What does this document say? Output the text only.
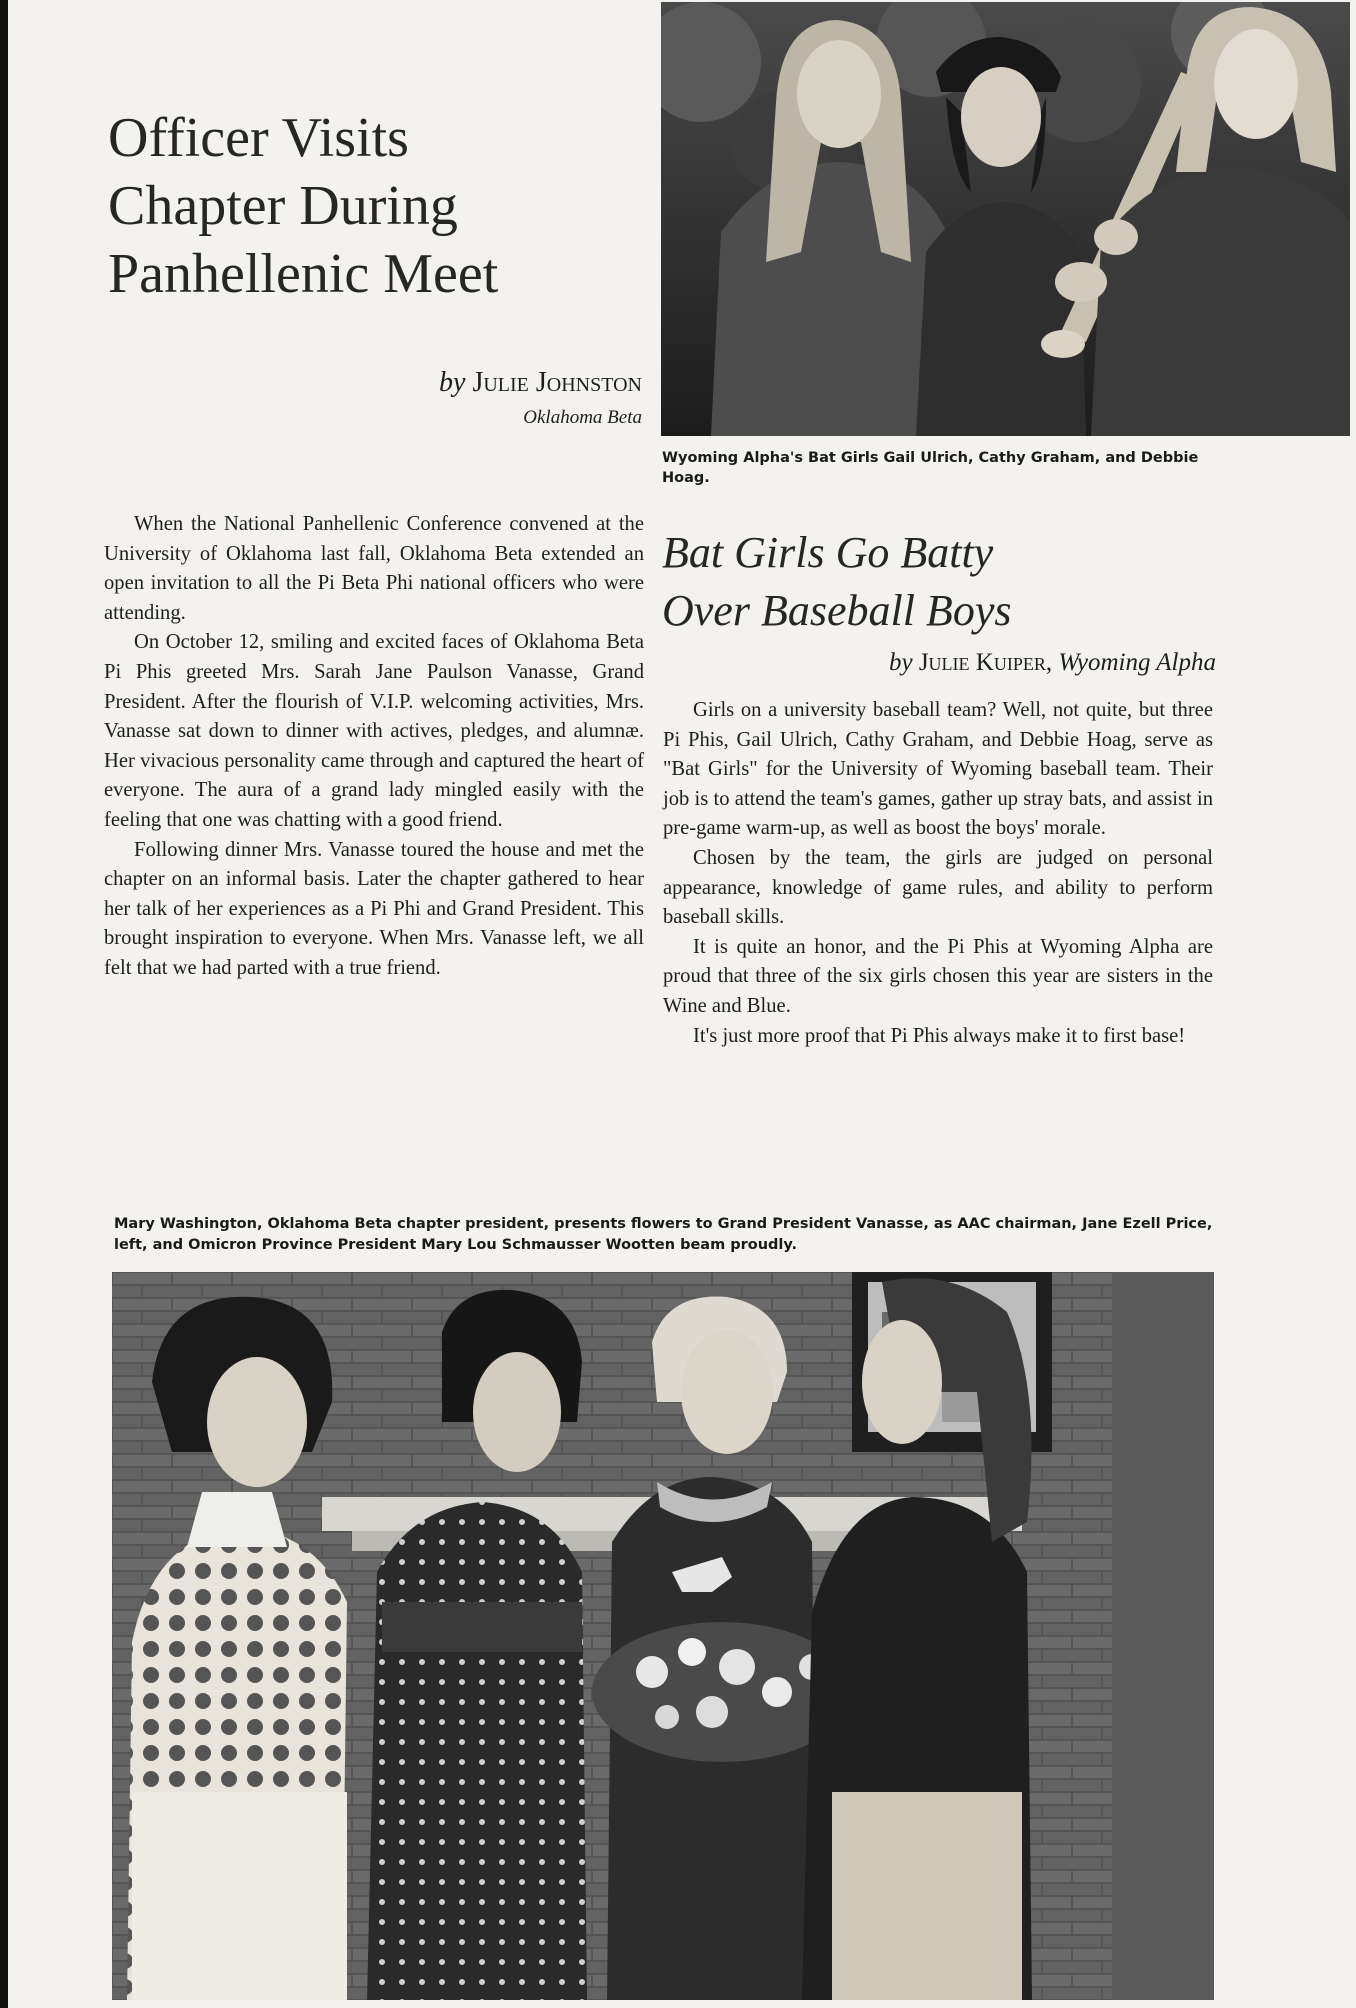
Officer Visits
Chapter During
Panhellenic Meet
by Julie Johnston
Oklahoma Beta

When the National Panhellenic Conference convened at the University of Oklahoma last fall, Oklahoma Beta extended an open invitation to all the Pi Beta Phi national officers who were attending.

On October 12, smiling and excited faces of Oklahoma Beta Pi Phis greeted Mrs. Sarah Jane Paulson Vanasse, Grand President. After the flourish of V.I.P. welcoming activities, Mrs. Vanasse sat down to dinner with actives, pledges, and alumnæ. Her vivacious personality came through and captured the heart of everyone. The aura of a grand lady mingled easily with the feeling that one was chatting with a good friend.

Following dinner Mrs. Vanasse toured the house and met the chapter on an informal basis. Later the chapter gathered to hear her talk of her experiences as a Pi Phi and Grand President. This brought inspiration to everyone. When Mrs. Vanasse left, we all felt that we had parted with a true friend.

Wyoming Alpha's Bat Girls Gail Ulrich, Cathy Graham, and Debbie Hoag.
Bat Girls Go Batty
Over Baseball Boys
by Julie Kuiper, Wyoming Alpha

Girls on a university baseball team? Well, not quite, but three Pi Phis, Gail Ulrich, Cathy Graham, and Debbie Hoag, serve as "Bat Girls" for the University of Wyoming baseball team. Their job is to attend the team's games, gather up stray bats, and assist in pre-game warm-up, as well as boost the boys' morale.

Chosen by the team, the girls are judged on personal appearance, knowledge of game rules, and ability to perform baseball skills.

It is quite an honor, and the Pi Phis at Wyoming Alpha are proud that three of the six girls chosen this year are sisters in the Wine and Blue.

It's just more proof that Pi Phis always make it to first base!

Mary Washington, Oklahoma Beta chapter president, presents flowers to Grand President Vanasse, as AAC chairman, Jane Ezell Price, left, and Omicron Province President Mary Lou Schmausser Wootten beam proudly.
